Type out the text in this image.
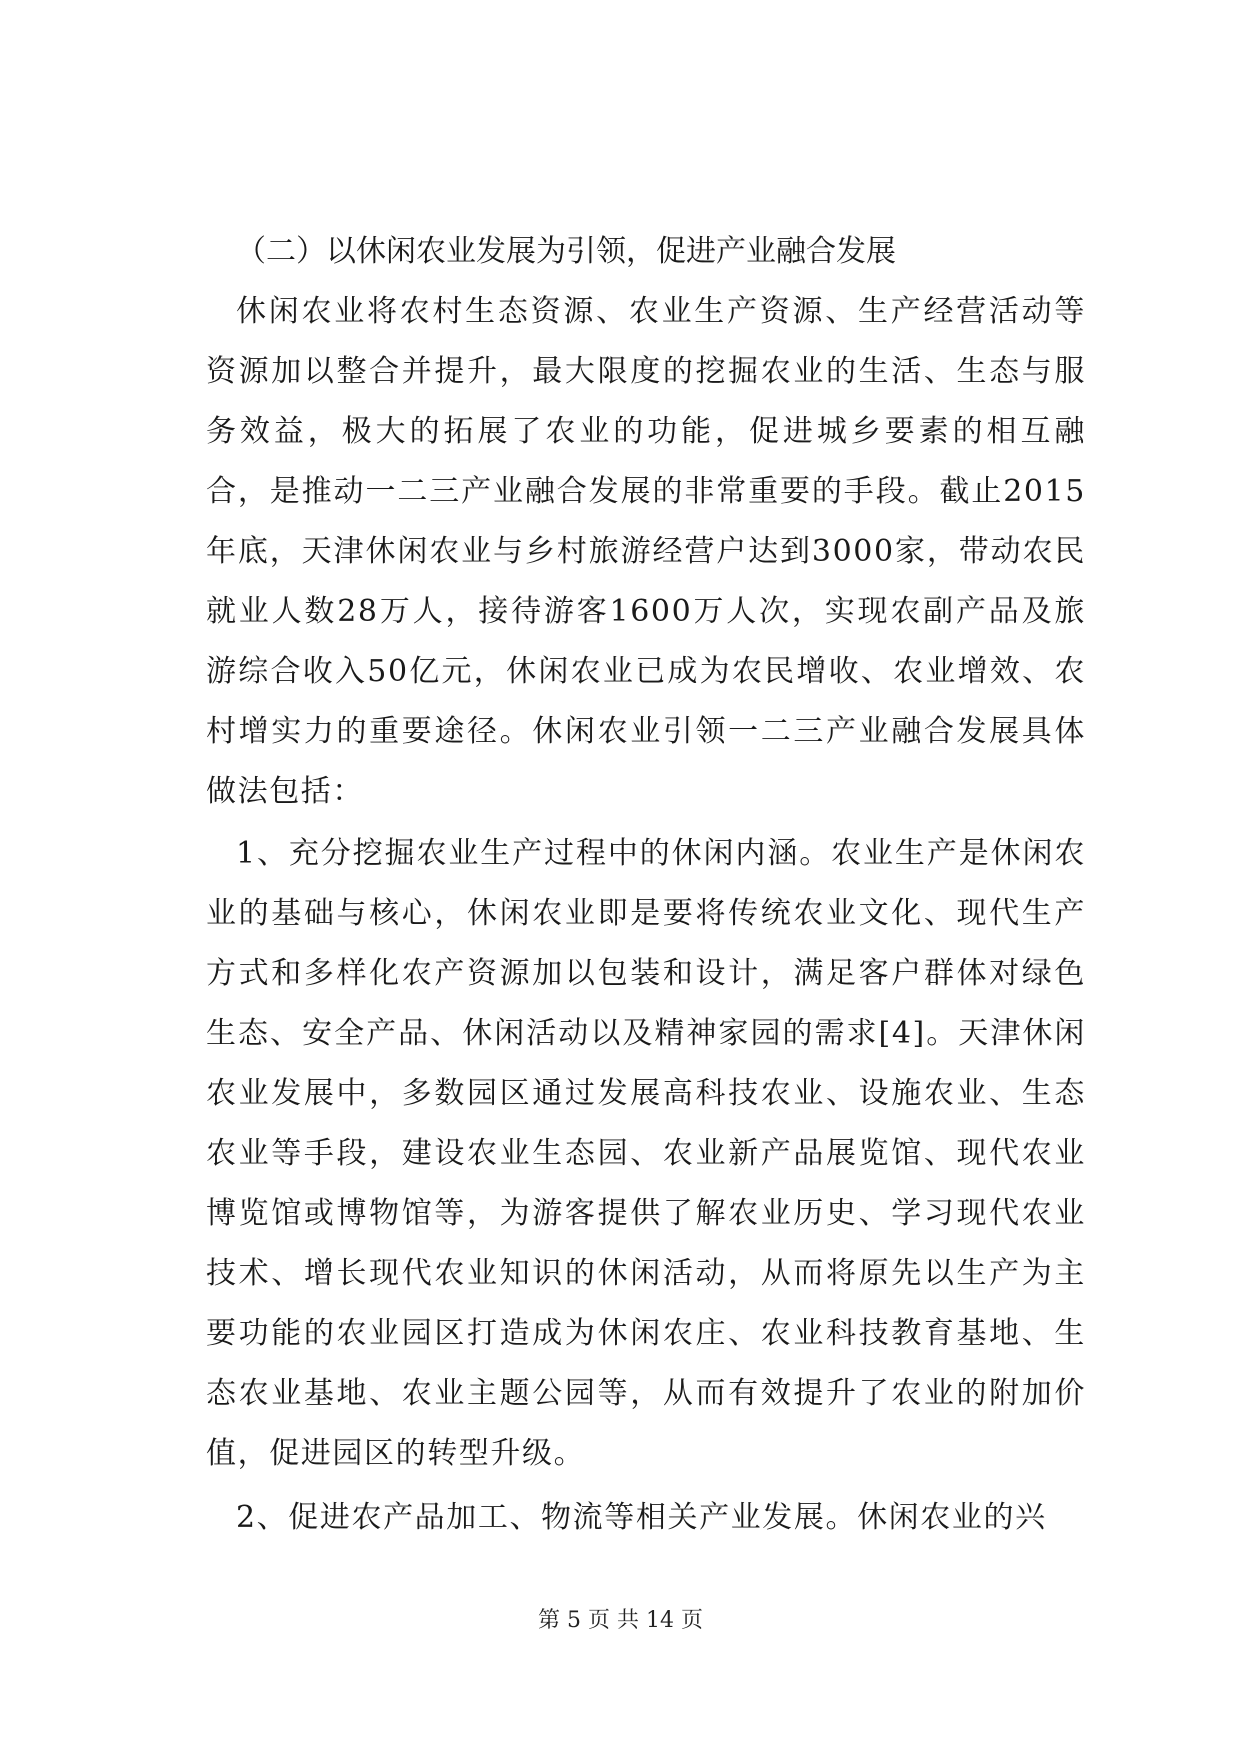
（二）以休闲农业发展为引领，促进产业融合发展

休闲农业将农村生态资源、农业生产资源、生产经营活动等资源加以整合并提升，最大限度的挖掘农业的生活、生态与服务效益，极大的拓展了农业的功能，促进城乡要素的相互融合，是推动一二三产业融合发展的非常重要的手段。截止2015年底，天津休闲农业与乡村旅游经营户达到3000家，带动农民就业人数28万人，接待游客1600万人次，实现农副产品及旅游综合收入50亿元，休闲农业已成为农民增收、农业增效、农村增实力的重要途径。休闲农业引领一二三产业融合发展具体做法包括：

1、充分挖掘农业生产过程中的休闲内涵。农业生产是休闲农业的基础与核心，休闲农业即是要将传统农业文化、现代生产方式和多样化农产资源加以包装和设计，满足客户群体对绿色生态、安全产品、休闲活动以及精神家园的需求[4]。天津休闲农业发展中，多数园区通过发展高科技农业、设施农业、生态农业等手段，建设农业生态园、农业新产品展览馆、现代农业博览馆或博物馆等，为游客提供了解农业历史、学习现代农业技术、增长现代农业知识的休闲活动，从而将原先以生产为主要功能的农业园区打造成为休闲农庄、农业科技教育基地、生态农业基地、农业主题公园等，从而有效提升了农业的附加价值，促进园区的转型升级。

2、促进农产品加工、物流等相关产业发展。休闲农业的兴

第 5 页 共 14 页
